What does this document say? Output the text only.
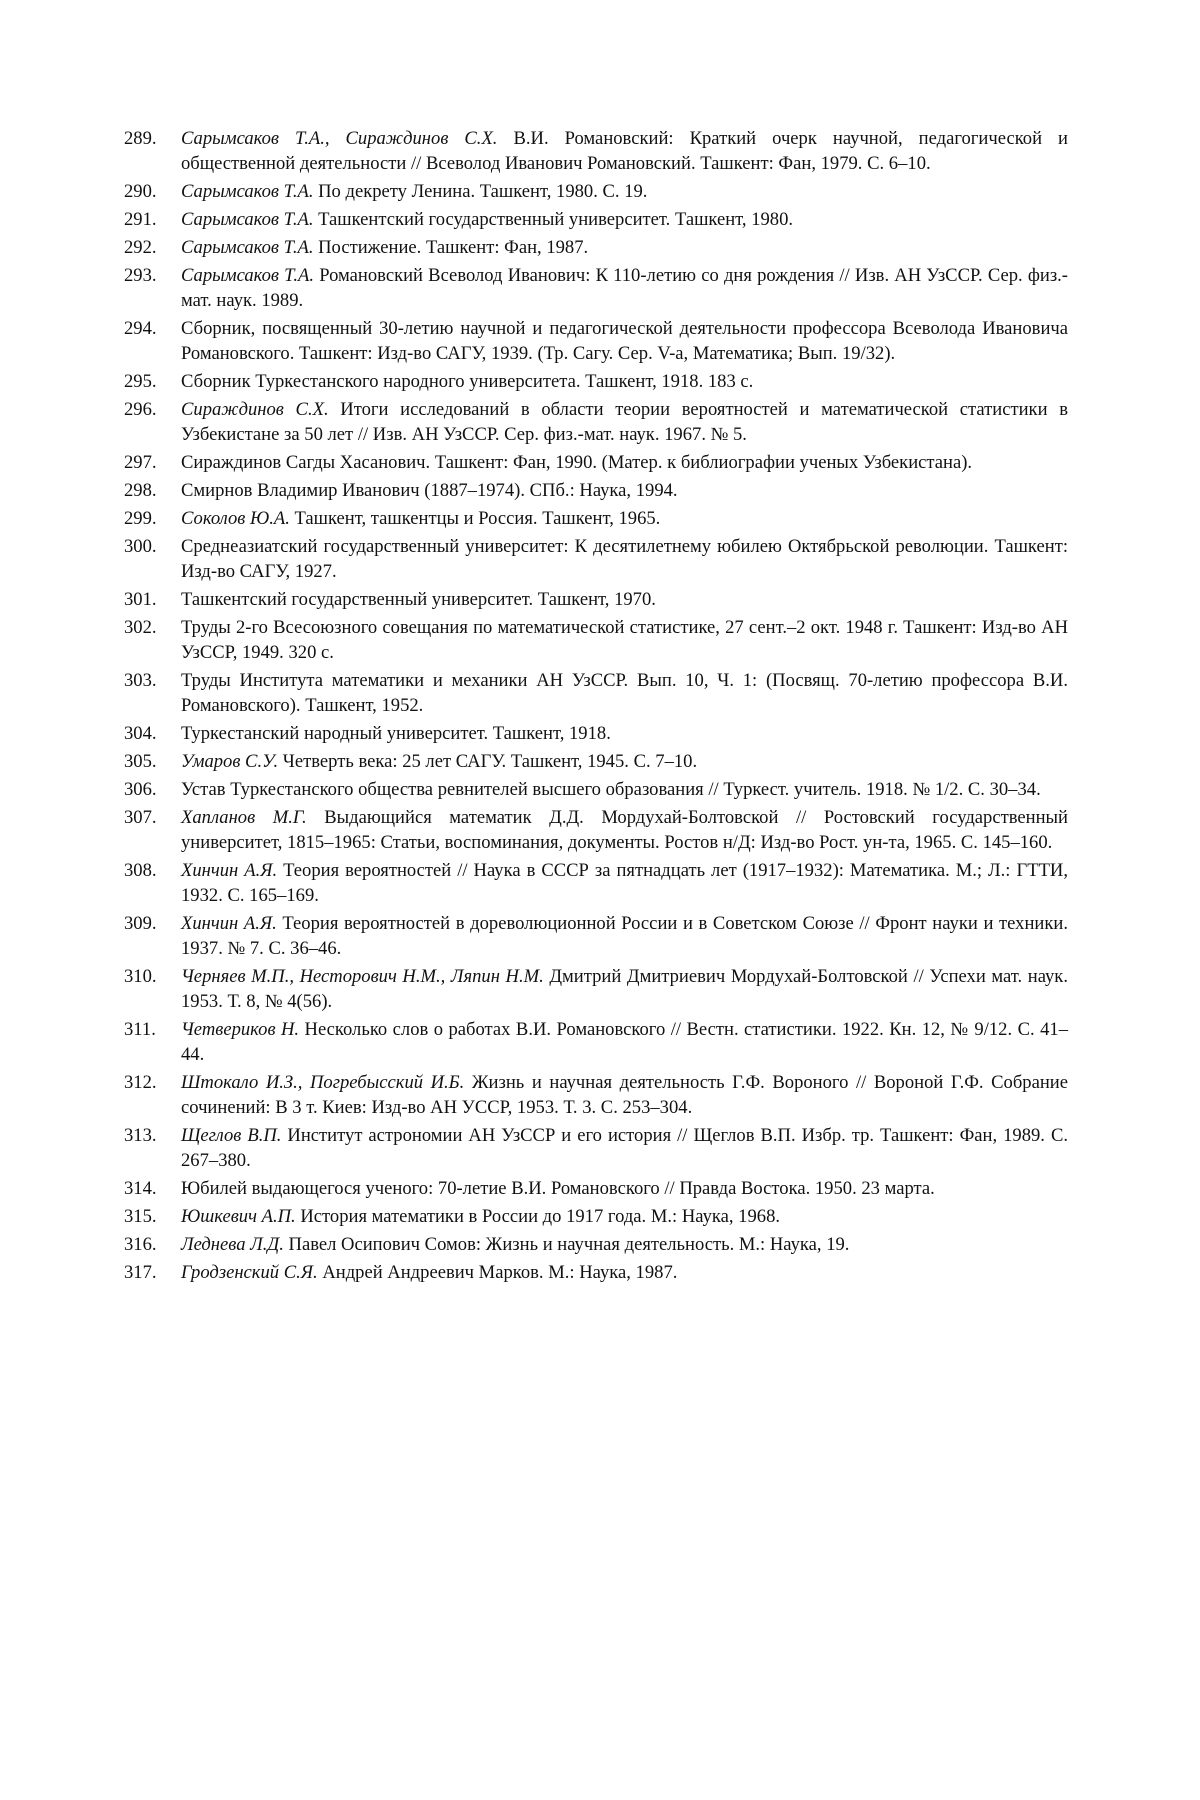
289. Сарымсаков Т.А., Сираждинов С.Х. В.И. Романовский: Краткий очерк научной, педагогической и общественной деятельности // Всеволод Иванович Романовский. Ташкент: Фан, 1979. С. 6–10.
290. Сарымсаков Т.А. По декрету Ленина. Ташкент, 1980. С. 19.
291. Сарымсаков Т.А. Ташкентский государственный университет. Ташкент, 1980.
292. Сарымсаков Т.А. Постижение. Ташкент: Фан, 1987.
293. Сарымсаков Т.А. Романовский Всеволод Иванович: К 110-летию со дня рождения // Изв. АН УзССР. Сер. физ.-мат. наук. 1989.
294. Сборник, посвященный 30-летию научной и педагогической деятельности профессора Всеволода Ивановича Романовского. Ташкент: Изд-во САГУ, 1939. (Тр. Сагу. Сер. V-а, Математика; Вып. 19/32).
295. Сборник Туркестанского народного университета. Ташкент, 1918. 183 с.
296. Сираждинов С.Х. Итоги исследований в области теории вероятностей и математической статистики в Узбекистане за 50 лет // Изв. АН УзССР. Сер. физ.-мат. наук. 1967. № 5.
297. Сираждинов Сагды Хасанович. Ташкент: Фан, 1990. (Матер. к библиографии ученых Узбекистана).
298. Смирнов Владимир Иванович (1887–1974). СПб.: Наука, 1994.
299. Соколов Ю.А. Ташкент, ташкентцы и Россия. Ташкент, 1965.
300. Среднеазиатский государственный университет: К десятилетнему юбилею Октябрьской революции. Ташкент: Изд-во САГУ, 1927.
301. Ташкентский государственный университет. Ташкент, 1970.
302. Труды 2-го Всесоюзного совещания по математической статистике, 27 сент.–2 окт. 1948 г. Ташкент: Изд-во АН УзССР, 1949. 320 с.
303. Труды Института математики и механики АН УзССР. Вып. 10, Ч. 1: (Посвящ. 70-летию профессора В.И. Романовского). Ташкент, 1952.
304. Туркестанский народный университет. Ташкент, 1918.
305. Умаров С.У. Четверть века: 25 лет САГУ. Ташкент, 1945. С. 7–10.
306. Устав Туркестанского общества ревнителей высшего образования // Туркест. учитель. 1918. № 1/2. С. 30–34.
307. Хапланов М.Г. Выдающийся математик Д.Д. Мордухай-Болтовской // Ростовский государственный университет, 1815–1965: Статьи, воспоминания, документы. Ростов н/Д: Изд-во Рост. ун-та, 1965. С. 145–160.
308. Хинчин А.Я. Теория вероятностей // Наука в СССР за пятнадцать лет (1917–1932): Математика. М.; Л.: ГТТИ, 1932. С. 165–169.
309. Хинчин А.Я. Теория вероятностей в дореволюционной России и в Советском Союзе // Фронт науки и техники. 1937. № 7. С. 36–46.
310. Черняев М.П., Несторович Н.М., Ляпин Н.М. Дмитрий Дмитриевич Мордухай-Болтовской // Успехи мат. наук. 1953. Т. 8, № 4(56).
311. Четвериков Н. Несколько слов о работах В.И. Романовского // Вестн. статистики. 1922. Кн. 12, № 9/12. С. 41–44.
312. Штокало И.З., Погребысский И.Б. Жизнь и научная деятельность Г.Ф. Вороного // Вороной Г.Ф. Собрание сочинений: В 3 т. Киев: Изд-во АН УССР, 1953. Т. 3. С. 253–304.
313. Щеглов В.П. Институт астрономии АН УзССР и его история // Щеглов В.П. Избр. тр. Ташкент: Фан, 1989. С. 267–380.
314. Юбилей выдающегося ученого: 70-летие В.И. Романовского // Правда Востока. 1950. 23 марта.
315. Юшкевич А.П. История математики в России до 1917 года. М.: Наука, 1968.
316. Леднева Л.Д. Павел Осипович Сомов: Жизнь и научная деятельность. М.: Наука, 19.
317. Гродзенский С.Я. Андрей Андреевич Марков. М.: Наука, 1987.
